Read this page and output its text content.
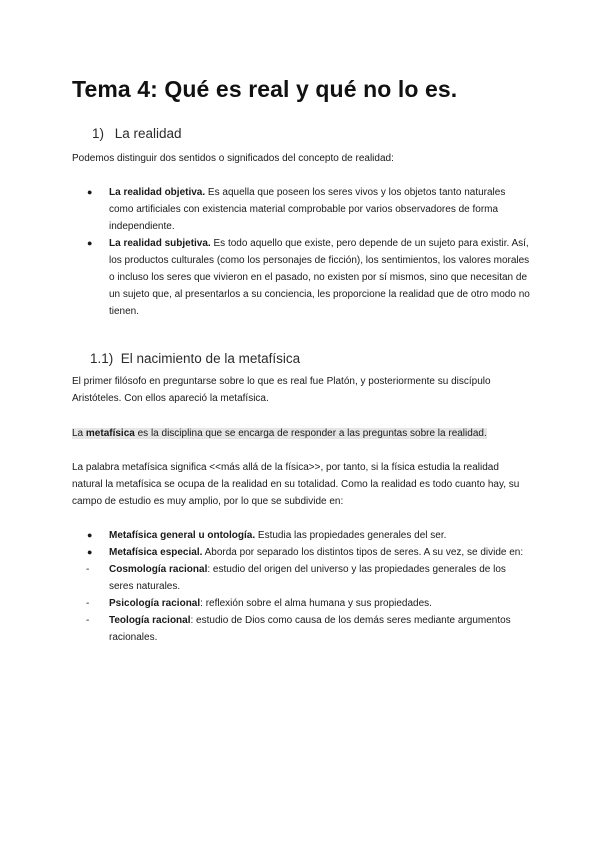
Tema 4: Qué es real y qué no lo es.
1) La realidad

Podemos distinguir dos sentidos o significados del concepto de realidad:

●	La realidad objetiva. Es aquella que poseen los seres vivos y los objetos tanto naturales como artificiales con existencia material comprobable por varios observadores de forma independiente.
●	La realidad subjetiva. Es todo aquello que existe, pero depende de un sujeto para existir. Así, los productos culturales (como los personajes de ficción), los sentimientos, los valores morales o incluso los seres que vivieron en el pasado, no existen por sí mismos, sino que necesitan de un sujeto que, al presentarlos a su conciencia, les proporcione la realidad que de otro modo no tienen.
1.1) El nacimiento de la metafísica

El primer filósofo en preguntarse sobre lo que es real fue Platón, y posteriormente su discípulo Aristóteles. Con ellos apareció la metafísica.

La metafísica es la disciplina que se encarga de responder a las preguntas sobre la realidad.

La palabra metafísica significa <<más allá de la física>>, por tanto, si la física estudia la realidad natural la metafísica se ocupa de la realidad en su totalidad. Como la realidad es todo cuanto hay, su campo de estudio es muy amplio, por lo que se subdivide en:

●	Metafísica general u ontología. Estudia las propiedades generales del ser.
●	Metafísica especial. Aborda por separado los distintos tipos de seres. A su vez, se divide en:
-	Cosmología racional: estudio del origen del universo y las propiedades generales de los seres naturales.
-	Psicología racional: reflexión sobre el alma humana y sus propiedades.
-	Teología racional: estudio de Dios como causa de los demás seres mediante argumentos racionales.
